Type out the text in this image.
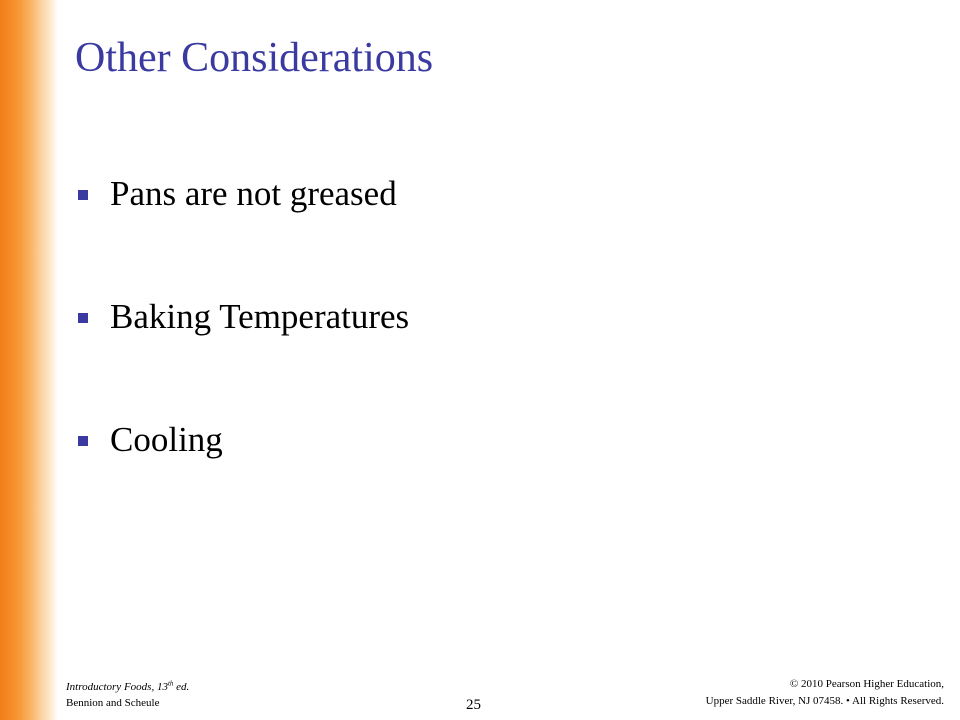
Other Considerations
Pans are not greased
Baking Temperatures
Cooling
Introductory Foods, 13th ed.
Bennion and Scheule	25
© 2010 Pearson Higher Education,
Upper Saddle River, NJ 07458. • All Rights Reserved.
